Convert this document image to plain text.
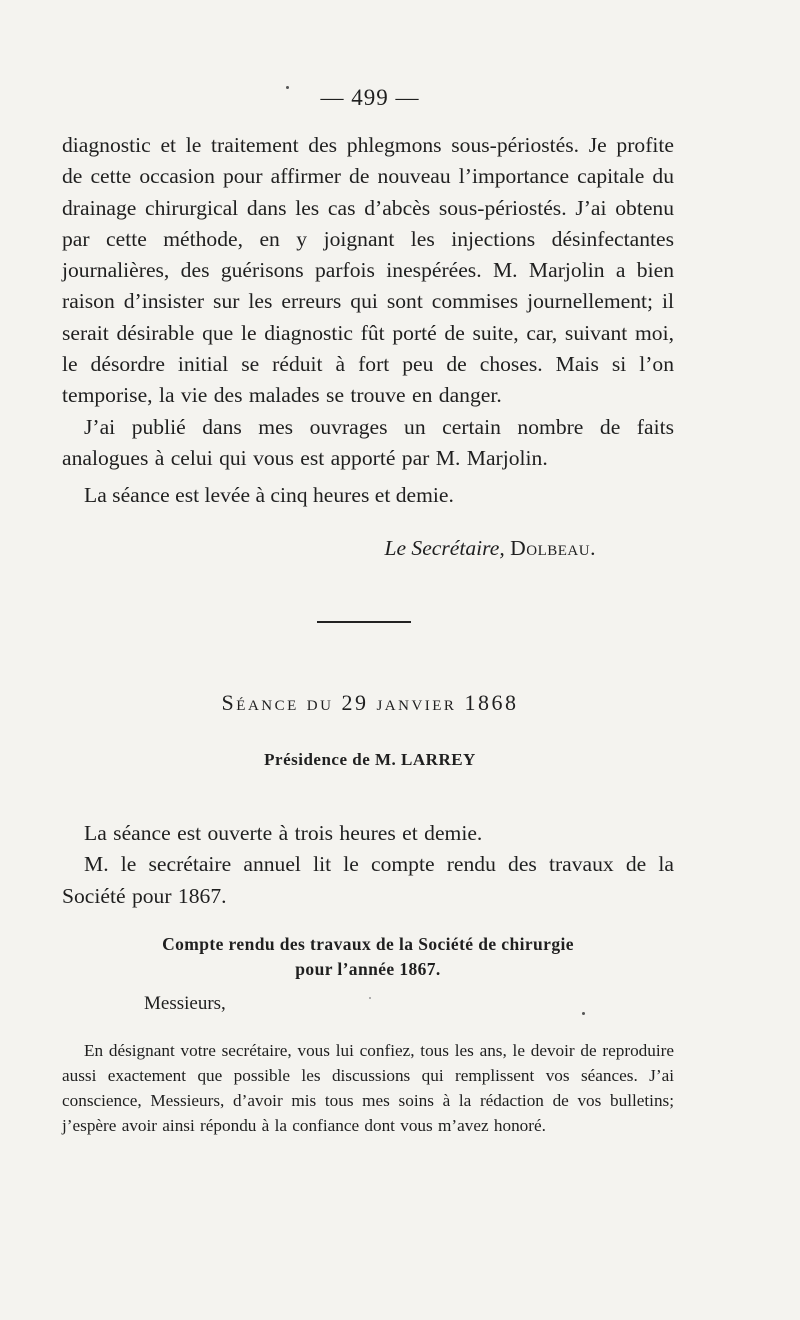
— 499 —

diagnostic et le traitement des phlegmons sous-périostés. Je profite de cette occasion pour affirmer de nouveau l’importance capitale du drainage chirurgical dans les cas d’abcès sous-périostés. J’ai obtenu par cette méthode, en y joignant les injections désinfectantes journalières, des guérisons parfois inespérées. M. Marjolin a bien raison d’insister sur les erreurs qui sont commises journellement; il serait désirable que le diagnostic fût porté de suite, car, suivant moi, le désordre initial se réduit à fort peu de choses. Mais si l’on temporise, la vie des malades se trouve en danger.

J’ai publié dans mes ouvrages un certain nombre de faits analogues à celui qui vous est apporté par M. Marjolin.

La séance est levée à cinq heures et demie.
Le Secrétaire, Dolbeau.
Séance du 29 janvier 1868
Présidence de M. LARREY

La séance est ouverte à trois heures et demie.

M. le secrétaire annuel lit le compte rendu des travaux de la Société pour 1867.

Compte rendu des travaux de la Société de chirurgie
pour l’année 1867.
Messieurs,

En désignant votre secrétaire, vous lui confiez, tous les ans, le devoir de reproduire aussi exactement que possible les discussions qui remplissent vos séances. J’ai conscience, Messieurs, d’avoir mis tous mes soins à la rédaction de vos bulletins; j’espère avoir ainsi répondu à la confiance dont vous m’avez honoré.
